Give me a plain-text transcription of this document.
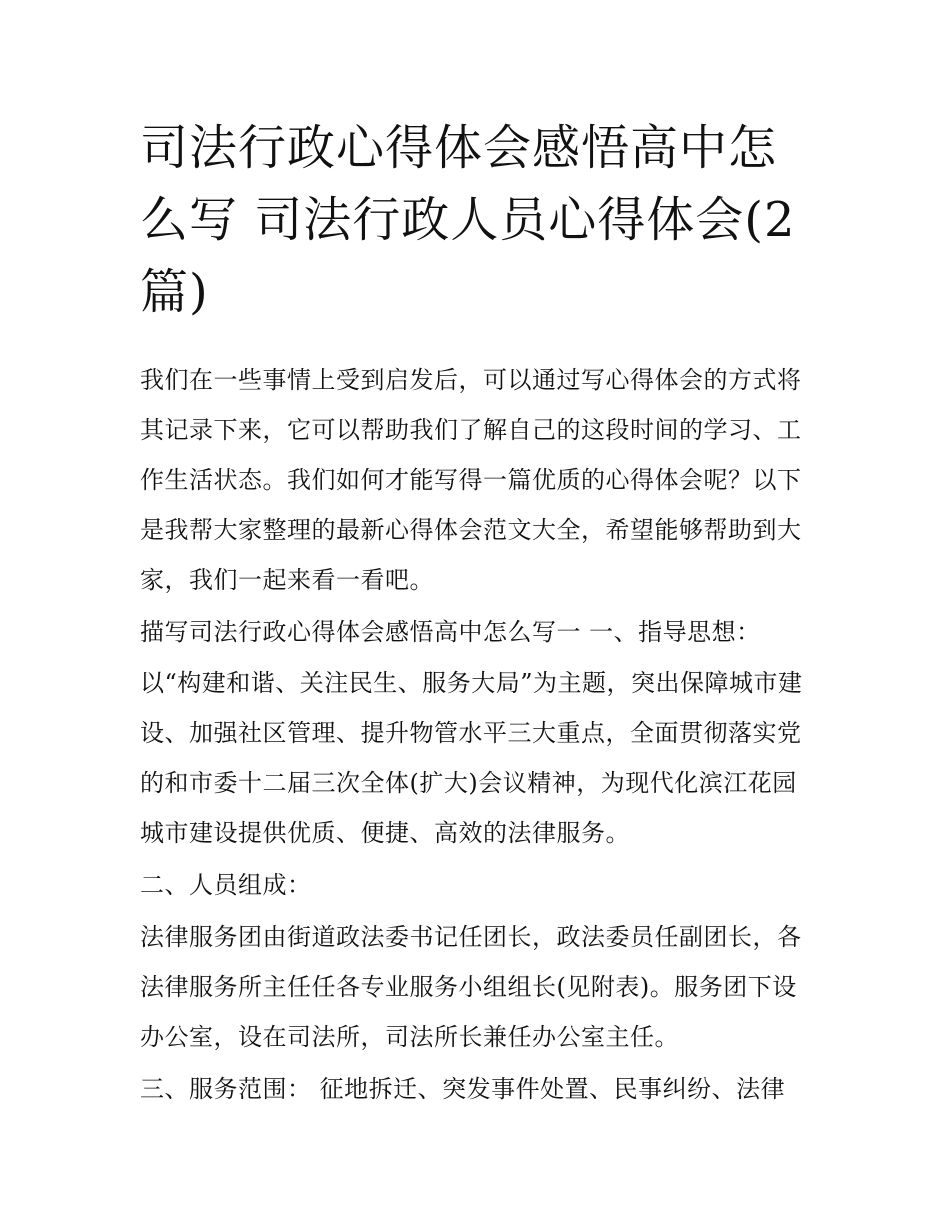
司法行政心得体会感悟高中怎么写 司法行政人员心得体会(2篇)

我们在一些事情上受到启发后，可以通过写心得体会的方式将其记录下来，它可以帮助我们了解自己的这段时间的学习、工作生活状态。我们如何才能写得一篇优质的心得体会呢？以下是我帮大家整理的最新心得体会范文大全，希望能够帮助到大家，我们一起来看一看吧。

描写司法行政心得体会感悟高中怎么写一 一、指导思想：

以“构建和谐、关注民生、服务大局”为主题，突出保障城市建设、加强社区管理、提升物管水平三大重点，全面贯彻落实党的和市委十二届三次全体(扩大)会议精神，为现代化滨江花园城市建设提供优质、便捷、高效的法律服务。

二、人员组成：

法律服务团由街道政法委书记任团长，政法委员任副团长，各法律服务所主任任各专业服务小组组长(见附表)。服务团下设办公室，设在司法所，司法所长兼任办公室主任。

三、服务范围： 征地拆迁、突发事件处置、民事纠纷、法律
